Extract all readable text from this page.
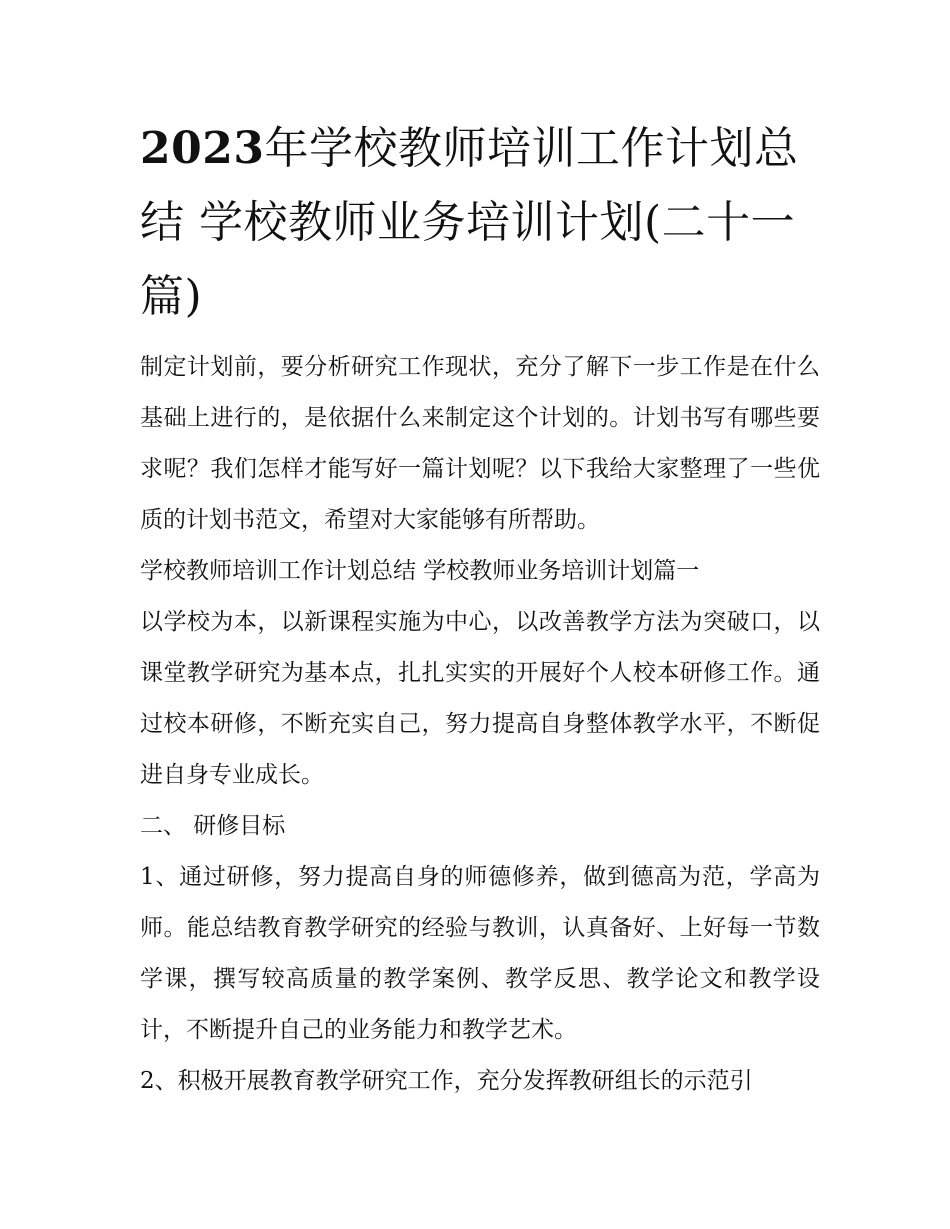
2023年学校教师培训工作计划总结 学校教师业务培训计划(二十一篇)

制定计划前，要分析研究工作现状，充分了解下一步工作是在什么基础上进行的，是依据什么来制定这个计划的。计划书写有哪些要求呢？我们怎样才能写好一篇计划呢？以下我给大家整理了一些优质的计划书范文，希望对大家能够有所帮助。

学校教师培训工作计划总结 学校教师业务培训计划篇一

以学校为本，以新课程实施为中心，以改善教学方法为突破口，以课堂教学研究为基本点，扎扎实实的开展好个人校本研修工作。通过校本研修，不断充实自己，努力提高自身整体教学水平，不断促进自身专业成长。

二、 研修目标

1、通过研修，努力提高自身的师德修养，做到德高为范，学高为师。能总结教育教学研究的经验与教训，认真备好、上好每一节数学课，撰写较高质量的教学案例、教学反思、教学论文和教学设计，不断提升自己的业务能力和教学艺术。

2、积极开展教育教学研究工作，充分发挥教研组长的示范引
